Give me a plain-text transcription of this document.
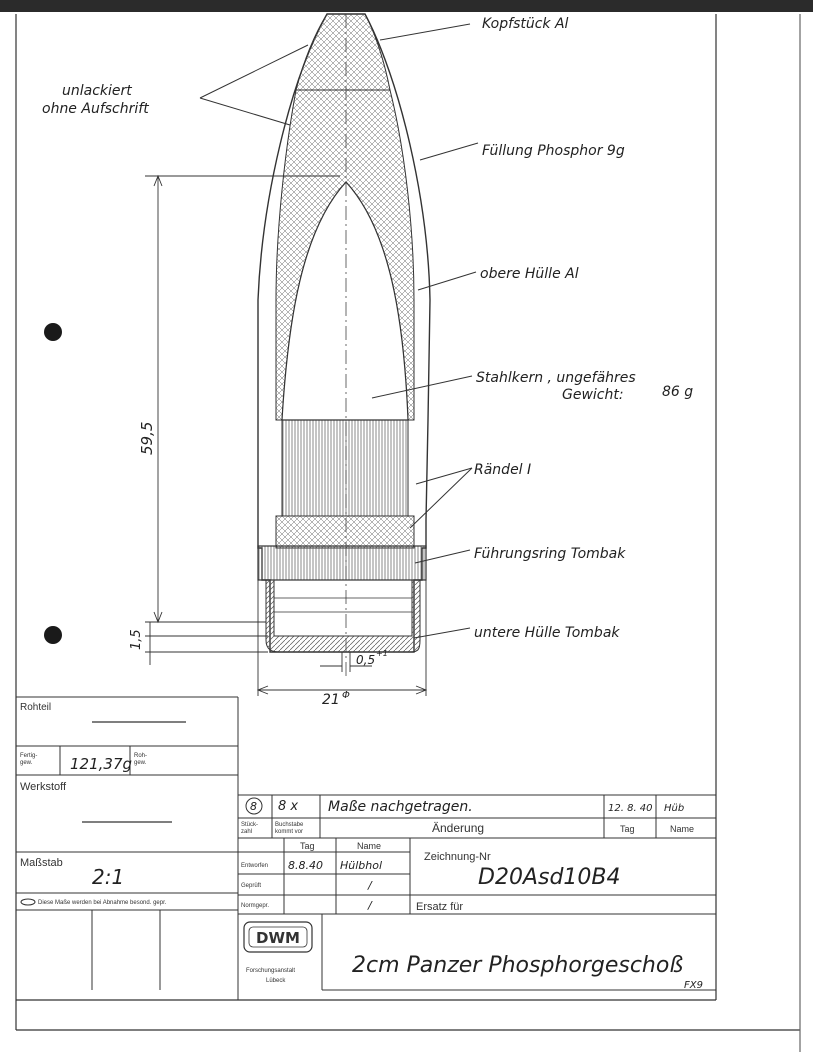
59,5
1,5
0,5 +1
21 Φ
Kopfstück Al
unlackiert
ohne Aufschrift
Füllung Phosphor 9g
obere Hülle Al
Stahlkern , ungefähres
Gewicht:	86 g
Rändel I
Führungsring Tombak
untere Hülle Tombak
Rohteil
Fertig-
gew.	121,37g Roh-
gew.
Werkstoff
Maßstab
2:1
Diese Maße werden bei Abnahme besond. gepr.
8 8 x Maße nachgetragen.	12. 8. 40 Hüb
Stück-
zahl
Buchstabe
kommt vor	Änderung	Tag	Name
Tag	Name
Entworfen 8.8.40 Hülbhol
Geprüft	/
Normgepr.	/
Zeichnung-Nr
D20Asd10B4
Ersatz für
DWM
Forschungsanstalt
Lübeck
2cm Panzer Phosphorgeschoß
FX9
